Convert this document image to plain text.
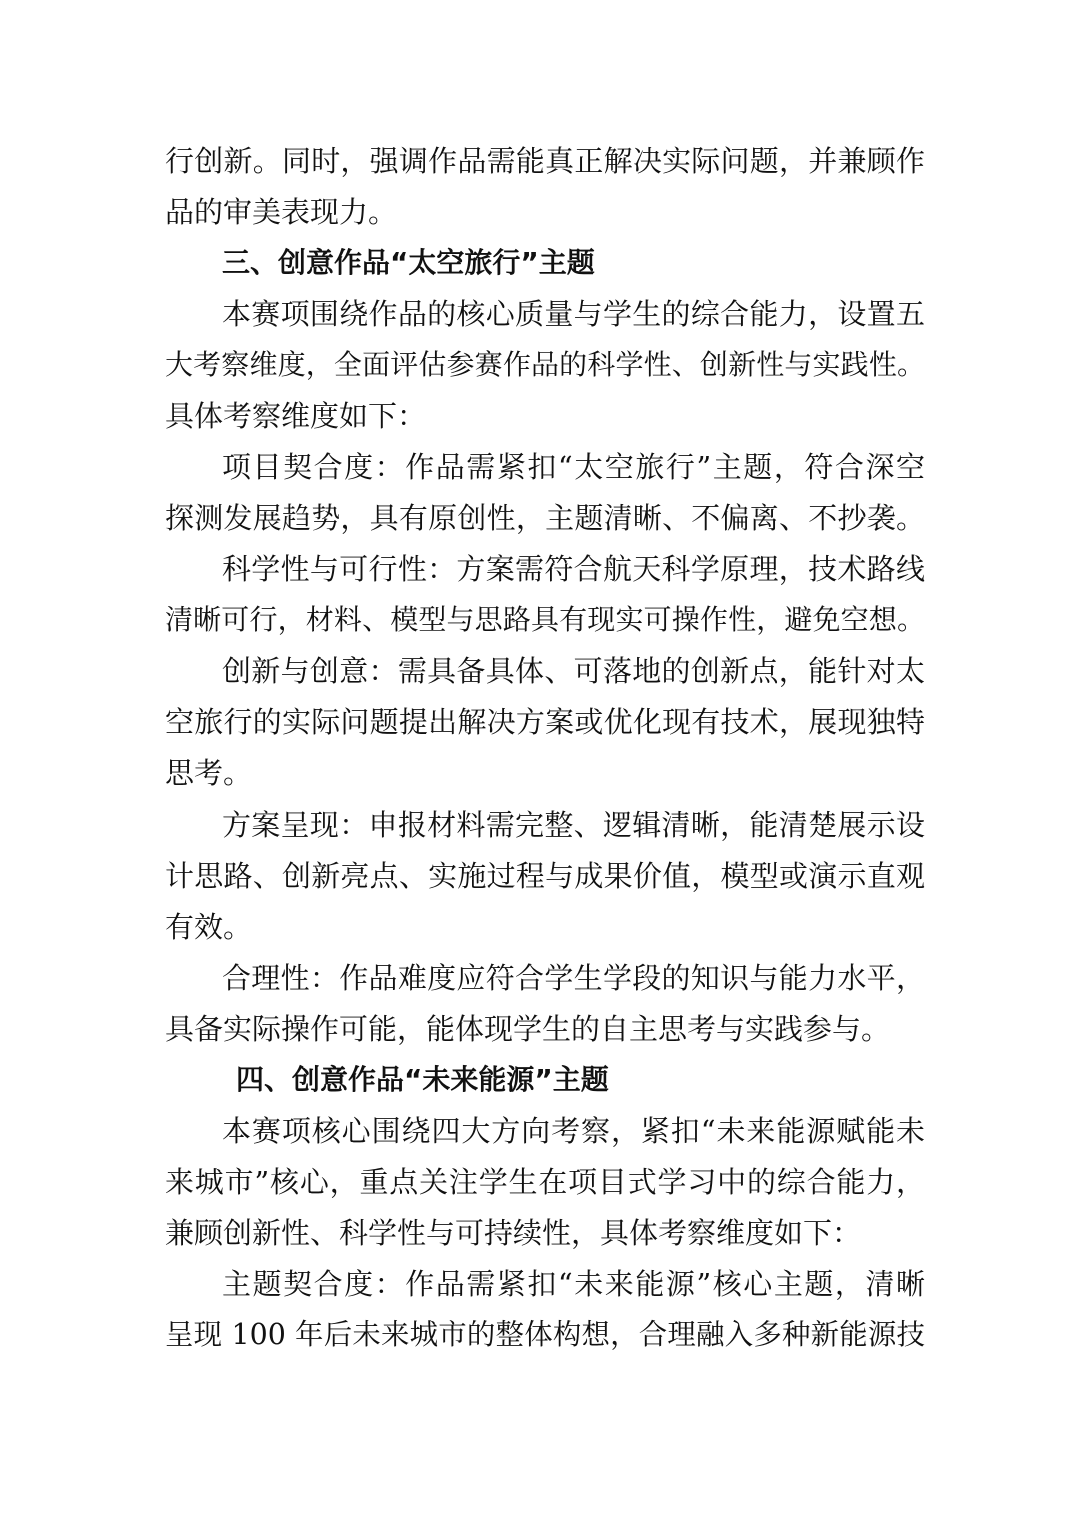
行创新。同时，强调作品需能真正解决实际问题，并兼顾作
品的审美表现力。
三、创意作品“太空旅行”主题
本赛项围绕作品的核心质量与学生的综合能力，设置五
大考察维度，全面评估参赛作品的科学性、创新性与实践性。
具体考察维度如下：
项目契合度：作品需紧扣“太空旅行”主题，符合深空
探测发展趋势，具有原创性，主题清晰、不偏离、不抄袭。
科学性与可行性：方案需符合航天科学原理，技术路线
清晰可行，材料、模型与思路具有现实可操作性，避免空想。
创新与创意：需具备具体、可落地的创新点，能针对太
空旅行的实际问题提出解决方案或优化现有技术，展现独特
思考。
方案呈现：申报材料需完整、逻辑清晰，能清楚展示设
计思路、创新亮点、实施过程与成果价值，模型或演示直观
有效。
合理性：作品难度应符合学生学段的知识与能力水平，
具备实际操作可能，能体现学生的自主思考与实践参与。
四、创意作品“未来能源”主题
本赛项核心围绕四大方向考察，紧扣“未来能源赋能未
来城市”核心，重点关注学生在项目式学习中的综合能力，
兼顾创新性、科学性与可持续性，具体考察维度如下：
主题契合度：作品需紧扣“未来能源”核心主题，清晰
呈现 100 年后未来城市的整体构想，合理融入多种新能源技
